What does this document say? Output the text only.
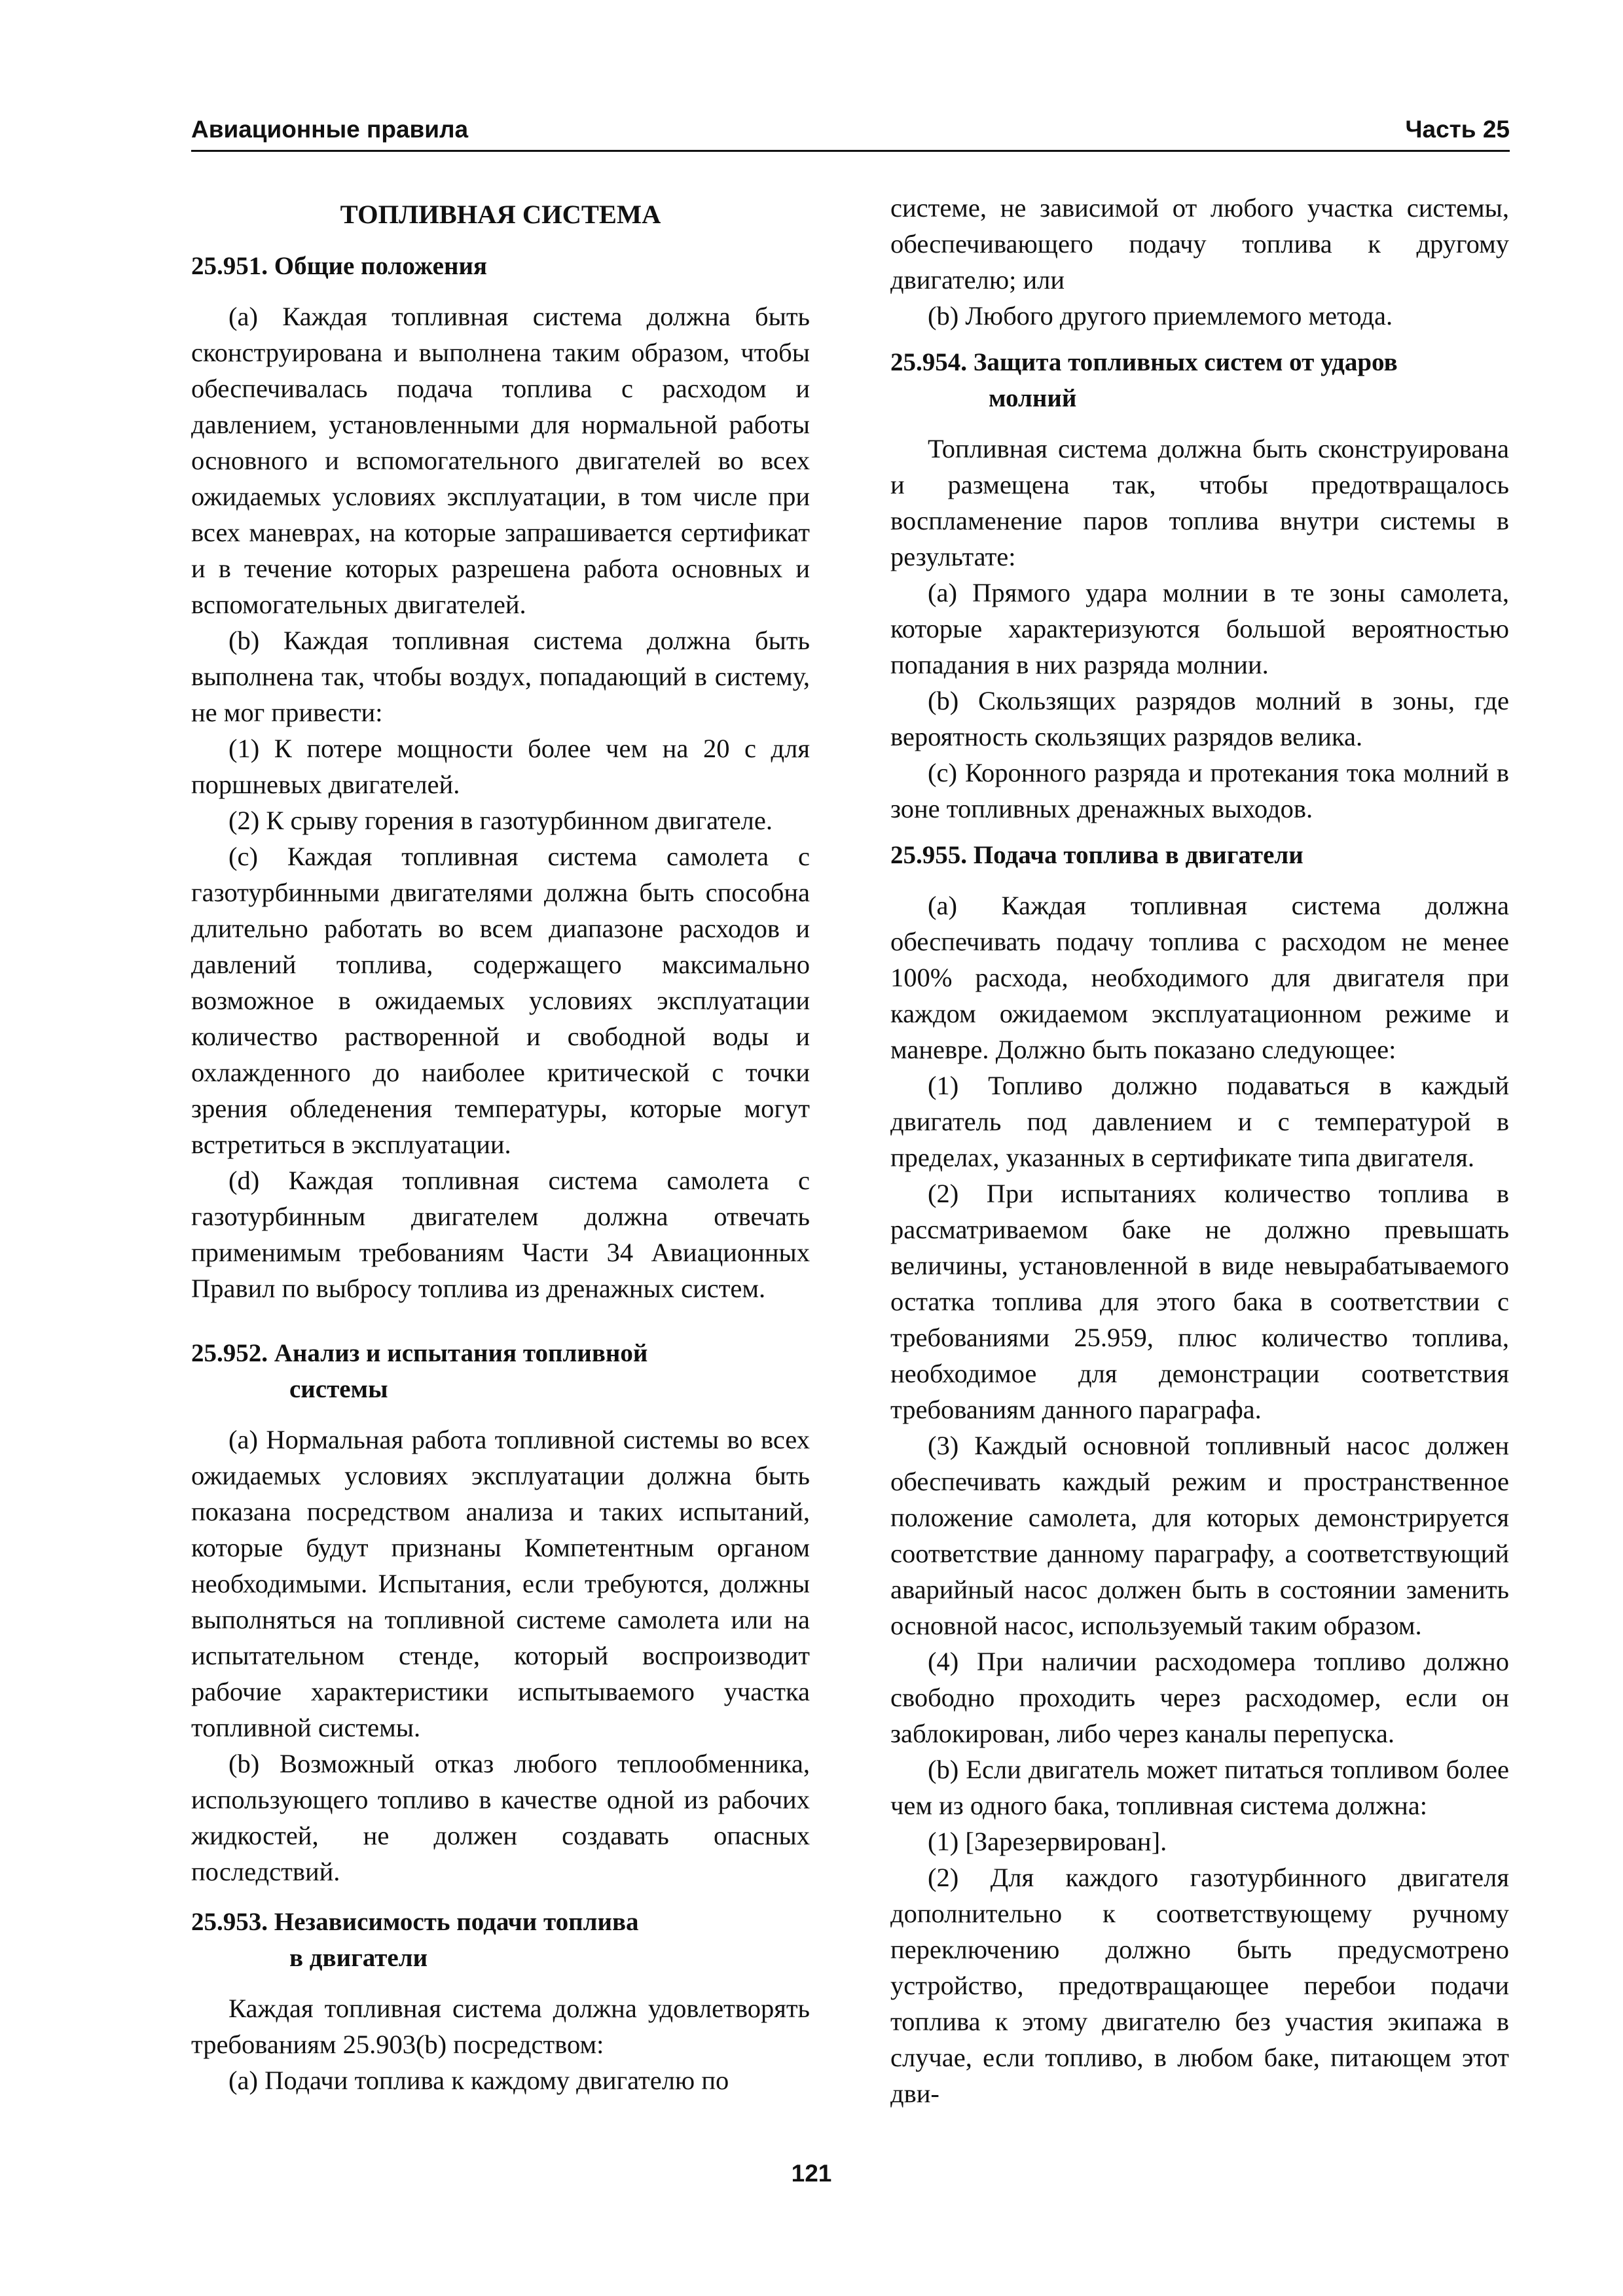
Авиационные правила	Часть 25

ТОПЛИВНАЯ СИСТЕМА

25.951. Общие положения

(a) Каждая топливная система должна быть сконструирована и выполнена таким образом, чтобы обеспечивалась подача топлива с расходом и давлением, установленными для нормальной работы основного и вспомогательного двигателей во всех ожидаемых условиях эксплуатации, в том числе при всех маневрах, на которые запрашивается сертификат и в течение которых разрешена работа основных и вспомогательных двигателей.

(b) Каждая топливная система должна быть выполнена так, чтобы воздух, попадающий в систему, не мог привести:

(1) К потере мощности более чем на 20 с для поршневых двигателей.

(2) К срыву горения в газотурбинном двигателе.

(c) Каждая топливная система самолета с газотурбинными двигателями должна быть способна длительно работать во всем диапазоне расходов и давлений топлива, содержащего максимально возможное в ожидаемых условиях эксплуатации количество растворенной и свободной воды и охлажденного до наиболее критической с точки зрения обледенения температуры, которые могут встретиться в эксплуатации.

(d) Каждая топливная система самолета с газотурбинным двигателем должна отвечать применимым требованиям Части 34 Авиационных Правил по выбросу топлива из дренажных систем.

25.952. Анализ и испытания топливной
системы

(a) Нормальная работа топливной системы во всех ожидаемых условиях эксплуатации должна быть показана посредством анализа и таких испытаний, которые будут признаны Компетентным органом необходимыми. Испытания, если требуются, должны выполняться на топливной системе самолета или на испытательном стенде, который воспроизводит рабочие характеристики испытываемого участка топливной системы.

(b) Возможный отказ любого теплообменника, использующего топливо в качестве одной из рабочих жидкостей, не должен создавать опасных последствий.

25.953. Независимость подачи топлива
в двигатели

Каждая топливная система должна удовлетворять требованиям 25.903(b) посредством:

(a) Подачи топлива к каждому двигателю по

системе, не зависимой от любого участка системы, обеспечивающего подачу топлива к другому двигателю; или

(b) Любого другого приемлемого метода.

25.954. Защита топливных систем от ударов
молний

Топливная система должна быть сконструирована и размещена так, чтобы предотвращалось воспламенение паров топлива внутри системы в результате:

(a) Прямого удара молнии в те зоны самолета, которые характеризуются большой вероятностью попадания в них разряда молнии.

(b) Скользящих разрядов молний в зоны, где вероятность скользящих разрядов велика.

(c) Коронного разряда и протекания тока молний в зоне топливных дренажных выходов.

25.955. Подача топлива в двигатели

(a) Каждая топливная система должна обеспечивать подачу топлива с расходом не менее 100% расхода, необходимого для двигателя при каждом ожидаемом эксплуатационном режиме и маневре. Должно быть показано следующее:

(1) Топливо должно подаваться в каждый двигатель под давлением и с температурой в пределах, указанных в сертификате типа двигателя.

(2) При испытаниях количество топлива в рассматриваемом баке не должно превышать величины, установленной в виде невырабатываемого остатка топлива для этого бака в соответствии с требованиями 25.959, плюс количество топлива, необходимое для демонстрации соответствия требованиям данного параграфа.

(3) Каждый основной топливный насос должен обеспечивать каждый режим и пространственное положение самолета, для которых демонстрируется соответствие данному параграфу, а соответствующий аварийный насос должен быть в состоянии заменить основной насос, используемый таким образом.

(4) При наличии расходомера топливо должно свободно проходить через расходомер, если он заблокирован, либо через каналы перепуска.

(b) Если двигатель может питаться топливом более чем из одного бака, топливная система должна:

(1) [Зарезервирован].

(2) Для каждого газотурбинного двигателя дополнительно к соответствующему ручному переключению должно быть предусмотрено устройство, предотвращающее перебои подачи топлива к этому двигателю без участия экипажа в случае, если топливо, в любом баке, питающем этот дви-

121
